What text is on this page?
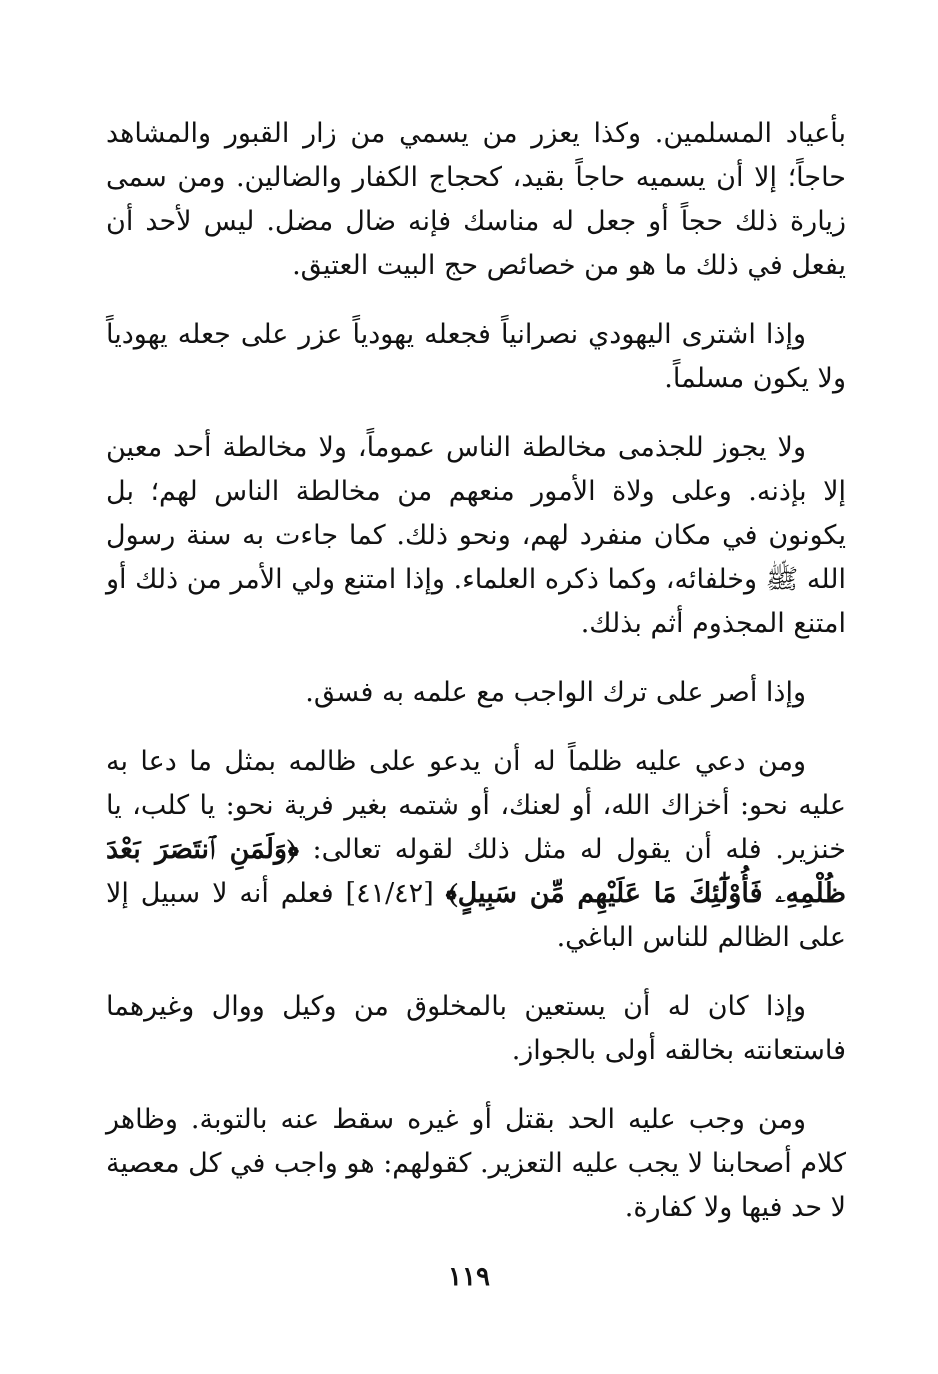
بأعياد المسلمين. وكذا يعزر من يسمي من زار القبور والمشاهد حاجاً؛ إلا أن يسميه حاجاً بقيد، كحجاج الكفار والضالين. ومن سمى زيارة ذلك حجاً أو جعل له مناسك فإنه ضال مضل. ليس لأحد أن يفعل في ذلك ما هو من خصائص حج البيت العتيق.

وإذا اشترى اليهودي نصرانياً فجعله يهودياً عزر على جعله يهودياً ولا يكون مسلماً.

ولا يجوز للجذمى مخالطة الناس عموماً، ولا مخالطة أحد معين إلا بإذنه. وعلى ولاة الأمور منعهم من مخالطة الناس لهم؛ بل يكونون في مكان منفرد لهم، ونحو ذلك. كما جاءت به سنة رسول الله ﷺ وخلفائه، وكما ذكره العلماء. وإذا امتنع ولي الأمر من ذلك أو امتنع المجذوم أثم بذلك.

وإذا أصر على ترك الواجب مع علمه به فسق.

ومن دعي عليه ظلماً له أن يدعو على ظالمه بمثل ما دعا به عليه نحو: أخزاك الله، أو لعنك، أو شتمه بغير فرية نحو: يا كلب، يا خنزير. فله أن يقول له مثل ذلك لقوله تعالى: ﴿وَلَمَنِ ٱنتَصَرَ بَعْدَ ظُلْمِهِۦ فَأُوْلَٰٓئِكَ مَا عَلَيْهِم مِّن سَبِيلٍ﴾ [٤١/٤٢] فعلم أنه لا سبيل إلا على الظالم للناس الباغي.

وإذا كان له أن يستعين بالمخلوق من وكيل ووال وغيرهما فاستعانته بخالقه أولى بالجواز.

ومن وجب عليه الحد بقتل أو غيره سقط عنه بالتوبة. وظاهر كلام أصحابنا لا يجب عليه التعزير. كقولهم: هو واجب في كل معصية لا حد فيها ولا كفارة.

١١٩
